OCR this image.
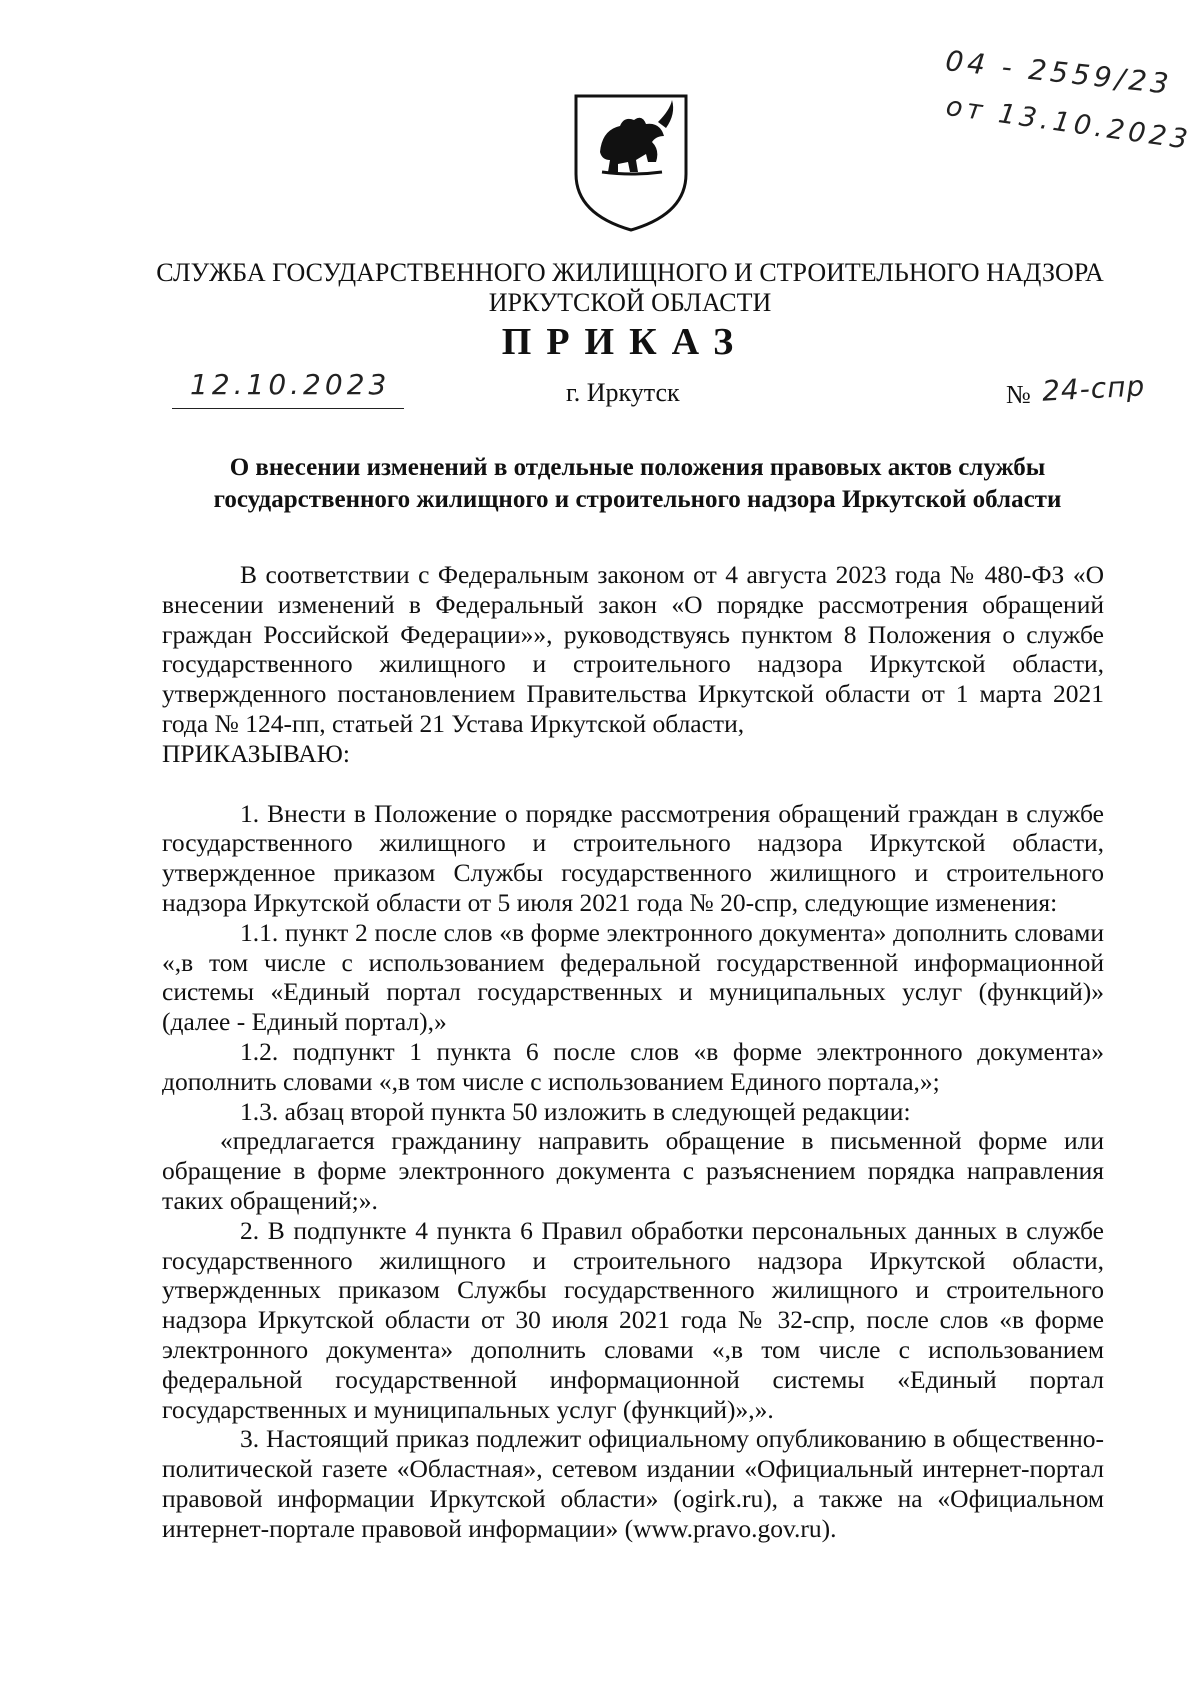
04 - 2559/23
от 13.10.2023
СЛУЖБА ГОСУДАРСТВЕННОГО ЖИЛИЩНОГО И СТРОИТЕЛЬНОГО НАДЗОРА
ИРКУТСКОЙ ОБЛАСТИ
ПРИКАЗ
12.10.2023	г. Иркутск	№ 24-спр
О внесении изменений в отдельные положения правовых актов службы
государственного жилищного и строительного надзора Иркутской области

В соответствии с Федеральным законом от 4 августа 2023 года № 480-ФЗ «О внесении изменений в Федеральный закон «О порядке рассмотрения обращений граждан Российской Федерации»», руководствуясь пунктом 8 Положения о службе государственного жилищного и строительного надзора Иркутской области, утвержденного постановлением Правительства Иркутской области от 1 марта 2021 года № 124-пп, статьей 21 Устава Иркутской области,

ПРИКАЗЫВАЮ:

1. Внести в Положение о порядке рассмотрения обращений граждан в службе государственного жилищного и строительного надзора Иркутской области, утвержденное приказом Службы государственного жилищного и строительного надзора Иркутской области от 5 июля 2021 года № 20-спр, следующие изменения:

1.1. пункт 2 после слов «в форме электронного документа» дополнить словами «,в том числе с использованием федеральной государственной информационной системы «Единый портал государственных и муниципальных услуг (функций)» (далее - Единый портал),»

1.2. подпункт 1 пункта 6 после слов «в форме электронного документа» дополнить словами «,в том числе с использованием Единого портала,»;

1.3. абзац второй пункта 50 изложить в следующей редакции:

«предлагается гражданину направить обращение в письменной форме или обращение в форме электронного документа с разъяснением порядка направления таких обращений;».

2. В подпункте 4 пункта 6 Правил обработки персональных данных в службе государственного жилищного и строительного надзора Иркутской области, утвержденных приказом Службы государственного жилищного и строительного надзора Иркутской области от 30 июля 2021 года № 32-спр, после слов «в форме электронного документа» дополнить словами «,в том числе с использованием федеральной государственной информационной системы «Единый портал государственных и муниципальных услуг (функций)»,».

3. Настоящий приказ подлежит официальному опубликованию в общественно-политической газете «Областная», сетевом издании «Официальный интернет-портал правовой информации Иркутской области» (ogirk.ru), а также на «Официальном интернет-портале правовой информации» (www.pravo.gov.ru).
